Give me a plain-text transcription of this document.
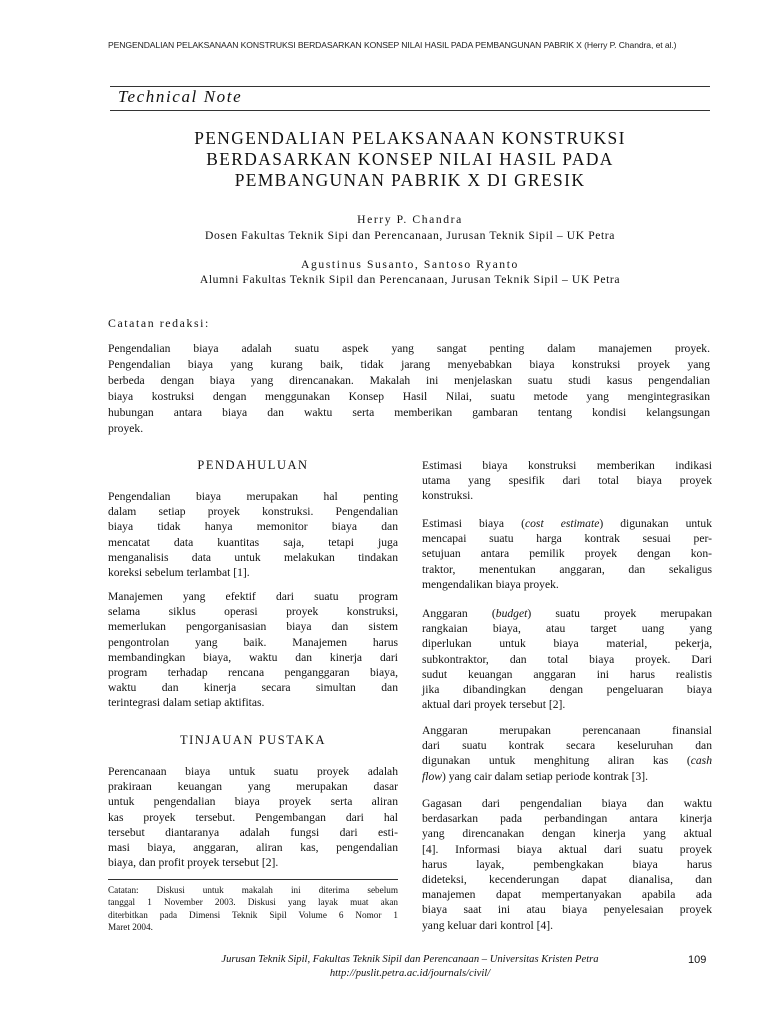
PENGENDALIAN PELAKSANAAN KONSTRUKSI BERDASARKAN KONSEP NILAI HASIL PADA PEMBANGUNAN PABRIK X (Herry P. Chandra, et al.)
Technical Note
PENGENDALIAN PELAKSANAAN KONSTRUKSI
BERDASARKAN KONSEP NILAI HASIL PADA
PEMBANGUNAN PABRIK X DI GRESIK
Herry P. Chandra
Dosen Fakultas Teknik Sipi dan Perencanaan, Jurusan Teknik Sipil – UK Petra
Agustinus Susanto, Santoso Ryanto
Alumni Fakultas Teknik Sipil dan Perencanaan, Jurusan Teknik Sipil – UK Petra
Catatan redaksi:
Pengendalian biaya adalah suatu aspek yang sangat penting dalam manajemen proyek.
Pengendalian biaya yang kurang baik, tidak jarang menyebabkan biaya konstruksi proyek yang
berbeda dengan biaya yang direncanakan. Makalah ini menjelaskan suatu studi kasus pengendalian
biaya kostruksi dengan menggunakan Konsep Hasil Nilai, suatu metode yang mengintegrasikan
hubungan antara biaya dan waktu serta memberikan gambaran tentang kondisi kelangsungan
proyek.
PENDAHULUAN
Pengendalian biaya merupakan hal penting
dalam setiap proyek konstruksi. Pengendalian
biaya tidak hanya memonitor biaya dan
mencatat data kuantitas saja, tetapi juga
menganalisis data untuk melakukan tindakan
koreksi sebelum terlambat [1].
Manajemen yang efektif dari suatu program
selama siklus operasi proyek konstruksi,
memerlukan pengorganisasian biaya dan sistem
pengontrolan yang baik. Manajemen harus
membandingkan biaya, waktu dan kinerja dari
program terhadap rencana penganggaran biaya,
waktu dan kinerja secara simultan dan
terintegrasi dalam setiap aktifitas.
TINJAUAN PUSTAKA
Perencanaan biaya untuk suatu proyek adalah
prakiraan keuangan yang merupakan dasar
untuk pengendalian biaya proyek serta aliran
kas proyek tersebut. Pengembangan dari hal
tersebut diantaranya adalah fungsi dari esti-
masi biaya, anggaran, aliran kas, pengendalian
biaya, dan profit proyek tersebut [2].
Catatan: Diskusi untuk makalah ini diterima sebelum
tanggal 1 November 2003. Diskusi yang layak muat akan
diterbitkan pada Dimensi Teknik Sipil Volume 6 Nomor 1
Maret 2004.
Estimasi biaya konstruksi memberikan indikasi
utama yang spesifik dari total biaya proyek
konstruksi.
Estimasi biaya (cost estimate) digunakan untuk
mencapai suatu harga kontrak sesuai per-
setujuan antara pemilik proyek dengan kon-
traktor, menentukan anggaran, dan sekaligus
mengendalikan biaya proyek.
Anggaran (budget) suatu proyek merupakan
rangkaian biaya, atau target uang yang
diperlukan untuk biaya material, pekerja,
subkontraktor, dan total biaya proyek. Dari
sudut keuangan anggaran ini harus realistis
jika dibandingkan dengan pengeluaran biaya
aktual dari proyek tersebut [2].
Anggaran merupakan perencanaan finansial
dari suatu kontrak secara keseluruhan dan
digunakan untuk menghitung aliran kas (cash
flow) yang cair dalam setiap periode kontrak [3].
Gagasan dari pengendalian biaya dan waktu
berdasarkan pada perbandingan antara kinerja
yang direncanakan dengan kinerja yang aktual
[4]. Informasi biaya aktual dari suatu proyek
harus layak, pembengkakan biaya harus
dideteksi, kecenderungan dapat dianalisa, dan
manajemen dapat mempertanyakan apabila ada
biaya saat ini atau biaya penyelesaian proyek
yang keluar dari kontrol [4].
Jurusan Teknik Sipil, Fakultas Teknik Sipil dan Perencanaan – Universitas Kristen Petra
http://puslit.petra.ac.id/journals/civil/
109
